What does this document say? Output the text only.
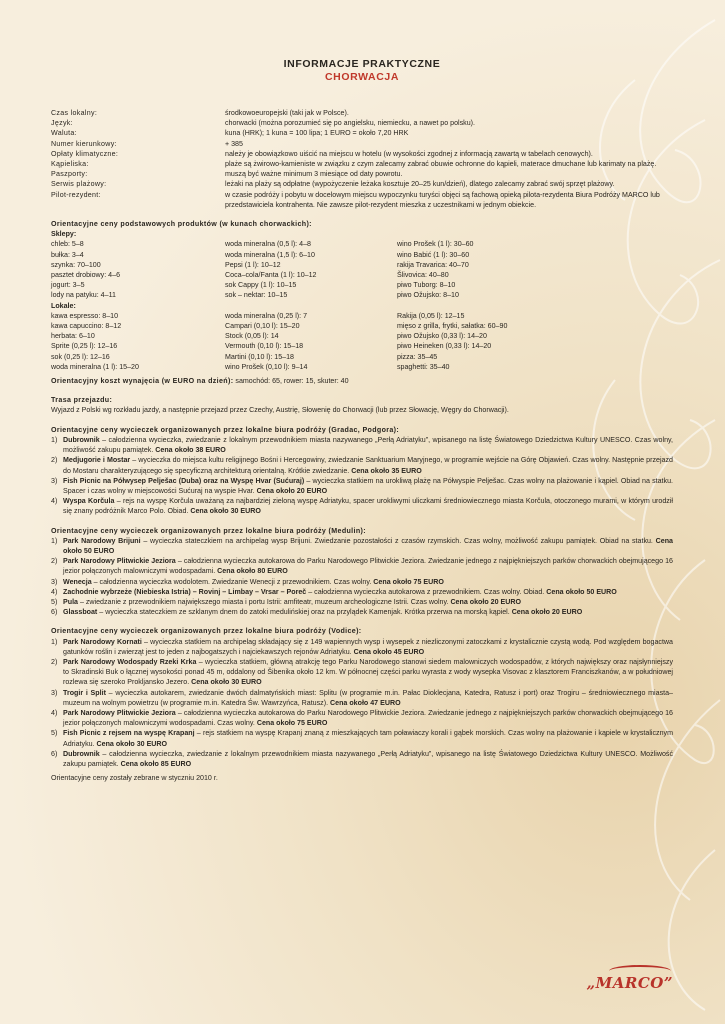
INFORMACJE PRAKTYCZNE
CHORWACJA
Czas lokalny:	środkowoeuropejski (taki jak w Polsce).
Język:	chorwacki (można porozumieć się po angielsku, niemiecku, a nawet po polsku).
Waluta:	kuna (HRK); 1 kuna = 100 lipa; 1 EURO = około 7,20 HRK
Numer kierunkowy:	+ 385
Opłaty klimatyczne:	należy je obowiązkowo uiścić na miejscu w hotelu (w wysokości zgodnej z informacją zawartą w tabelach cenowych).
Kąpieliska:	plaże są żwirowo-kamieniste w związku z czym zalecamy zabrać obuwie ochronne do kąpieli, materace dmuchane lub karimaty na plażę.
Paszporty:	muszą być ważne minimum 3 miesiące od daty powrotu.
Serwis plażowy:	leżaki na plaży są odpłatne (wypożyczenie leżaka kosztuje 20–25 kun/dzień), dlatego zalecamy zabrać swój sprzęt plażowy.
Pilot-rezydent:	w czasie podróży i pobytu w docelowym miejscu wypoczynku turyści objęci są fachową opieką pilota-rezydenta Biura Podróży MARCO lub przedstawiciela kontrahenta. Nie zawsze pilot-rezydent mieszka z uczestnikami w jednym obiekcie.
Orientacyjne ceny podstawowych produktów (w kunach chorwackich):
Sklepy:
chleb: 5–8	woda mineralna (0,5 l): 4–8	wino Prošek (1 l): 30–60
bułka: 3–4	woda mineralna (1,5 l): 6–10	wino Babić (1 l): 30–60
szynka: 70–100	Pepsi (1 l): 10–12	rakija Travarica: 40–70
pasztet drobiowy: 4–6	Coca–cola/Fanta (1 l): 10–12	Šlivovica: 40–80
jogurt: 3–5	sok Cappy (1 l): 10–15	piwo Tuborg: 8–10
lody na patyku: 4–11	sok – nektar: 10–15	piwo Ožujsko: 8–10
Lokale:
kawa espresso: 8–10	woda mineralna (0,25 l): 7	Rakija (0,05 l): 12–15
kawa capuccino: 8–12	Campari (0,10 l): 15–20	mięso z grilla, frytki, sałatka: 60–90
herbata: 6–10	Stock (0,05 l): 14	piwo Ožujsko (0,33 l): 14–20
Sprite (0,25 l): 12–16	Vermouth (0,10 l): 15–18	piwo Heineken (0,33 l): 14–20
sok (0,25 l): 12–16	Martini (0,10 l): 15–18	pizza: 35–45
woda mineralna (1 l): 15–20	wino Prošek (0,10 l): 9–14	spaghetti: 35–40
Orientacyjny koszt wynajęcia (w EURO na dzień): samochód: 65, rower: 15, skuter: 40
Trasa przejazdu:
Wyjazd z Polski wg rozkładu jazdy, a następnie przejazd przez Czechy, Austrię, Słowenię do Chorwacji (lub przez Słowację, Węgry do Chorwacji).
Orientacyjne ceny wycieczek organizowanych przez lokalne biura podróży (Gradac, Podgora):
1) Dubrownik – całodzienna wycieczka, zwiedzanie z lokalnym przewodnikiem miasta nazywanego „Perłą Adriatyku”, wpisanego na listę Światowego Dziedzictwa Kultury UNESCO. Czas wolny, możliwość zakupu pamiątek. Cena około 38 EURO
2) Medjugorie i Mostar – wycieczka do miejsca kultu religijnego Bośni i Hercegowiny, zwiedzanie Sanktuarium Maryjnego, w programie wejście na Górę Objawień. Czas wolny. Następnie przejazd do Mostaru charakteryzującego się specyficzną architekturą orientalną. Krótkie zwiedzanie. Cena około 35 EURO
3) Fish Picnic na Półwysep Pelješac (Duba) oraz na Wyspę Hvar (Sućuraj) – wycieczka statkiem na urokliwą plażę na Półwyspie Pelješac. Czas wolny na plażowanie i kąpiel. Obiad na statku. Spacer i czas wolny w miejscowości Sućuraj na wyspie Hvar. Cena około 20 EURO
4) Wyspa Korčula – rejs na wyspę Korčula uważaną za najbardziej zieloną wyspę Adriatyku, spacer urokliwymi uliczkami średniowiecznego miasta Korčula, otoczonego murami, w którym urodził się znany podróżnik Marco Polo. Obiad. Cena około 30 EURO
Orientacyjne ceny wycieczek organizowanych przez lokalne biura podróży (Medulin):
1) Park Narodowy Brijuni – wycieczka stateczkiem na archipelag wysp Brijuni. Zwiedzanie pozostałości z czasów rzymskich. Czas wolny, możliwość zakupu pamiątek. Obiad na statku. Cena około 50 EURO
2) Park Narodowy Plitwickie Jeziora – całodzienna wycieczka autokarowa do Parku Narodowego Plitwickie Jeziora. Zwiedzanie jednego z najpiękniejszych parków chorwackich obejmującego 16 jezior połączonych malowniczymi wodospadami. Cena około 80 EURO
3) Wenecja – całodzienna wycieczka wodolotem. Zwiedzanie Wenecji z przewodnikiem. Czas wolny. Cena około 75 EURO
4) Zachodnie wybrzeże (Niebieska Istria) – Rovinj – Limbay – Vrsar – Poreč – całodzienna wycieczka autokarowa z przewodnikiem. Czas wolny. Obiad. Cena około 50 EURO
5) Pula – zwiedzanie z przewodnikiem największego miasta i portu Istrii: amfiteatr, muzeum archeologiczne Istrii. Czas wolny. Cena około 20 EURO
6) Glassboat – wycieczka stateczkiem ze szklanym dnem do zatoki medulińskiej oraz na przylądek Kamenjak. Krótka przerwa na morską kąpiel. Cena około 20 EURO
Orientacyjne ceny wycieczek organizowanych przez lokalne biura podróży (Vodice):
1) Park Narodowy Kornati – wycieczka statkiem na archipelag składający się z 149 wapiennych wysp i wysepek z niezliczonymi zatoczkami z krystalicznie czystą wodą. Pod względem bogactwa gatunków roślin i zwierząt jest to jeden z najbogatszych i najciekawszych rejonów Adriatyku. Cena około 45 EURO
2) Park Narodowy Wodospady Rzeki Krka – wycieczka statkiem, główną atrakcję tego Parku Narodowego stanowi siedem malowniczych wodospadów, z których największy oraz najsłynniejszy to Skradinski Buk o łącznej wysokości ponad 45 m, oddalony od Šibenika około 12 km. W północnej części parku wyrasta z wody wysepka Visovac z klasztorem Franciszkanów, a w południowej rozlewa się szeroko Prokljansko Jezero. Cena około 30 EURO
3) Trogir i Split – wycieczka autokarem, zwiedzanie dwóch dalmatyńskich miast: Splitu (w programie m.in. Pałac Dioklecjana, Katedra, Ratusz i port) oraz Trogiru – średniowiecznego miasta–muzeum na wolnym powietrzu (w programie m.in. Katedra Św. Wawrzyńca, Ratusz). Cena około 47 EURO
4) Park Narodowy Plitwickie Jeziora – całodzienna wycieczka autokarowa do Parku Narodowego Plitwickie Jeziora. Zwiedzanie jednego z najpiękniejszych parków chorwackich obejmującego 16 jezior połączonych malowniczymi wodospadami. Czas wolny. Cena około 75 EURO
5) Fish Picnic z rejsem na wyspę Krapanj – rejs statkiem na wyspę Krapanj znaną z mieszkających tam poławiaczy korali i gąbek morskich. Czas wolny na plażowanie i kąpiele w krystalicznym Adriatyku. Cena około 30 EURO
6) Dubrownik – całodzienna wycieczka, zwiedzanie z lokalnym przewodnikiem miasta nazywanego „Perłą Adriatyku”, wpisanego na listę Światowego Dziedzictwa Kultury UNESCO. Możliwość zakupu pamiątek. Cena około 85 EURO
Orientacyjne ceny zostały zebrane w styczniu 2010 r.
„MARCO”
